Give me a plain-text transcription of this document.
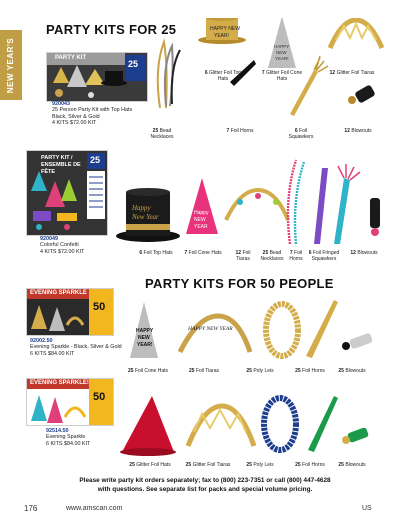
NEW YEAR'S
PARTY KITS FOR 25
PARTY KITS FOR 50 PEOPLE
PARTY KIT
25
920043
25 Person Party Kit with Top Hats
Black, Silver & Gold
4 KITS $72.00 KIT
HAPPY NEW
YEAR!
HAPPY
NEW
YEAR!
25 Bead Necklaces
6 Glitter Foil Top Hats
7 Foil Horns
7 Glitter Foil Cone Hats
6 Foil Squawkers
12 Glitter Foil Tiaras
12 Blowouts
PARTY KIT / ENSEMBLE DE FÊTE
25
920049
Colorful Confetti
4 KITS $72.00 KIT
Happy
New Year	Happy
NEW
YEAR
6 Foil Top Hats	7 Foil Cone Hats	12 Foil Tiaras
25 Bead Necklaces
7 Foil Horns
6 Foil Fringed Squawkers
12 Blowouts
EVENING SPARKLE
50
92002.50
Evening Sparkle - Black, Silver & Gold
6 KITS $84.00 KIT
HAPPY
NEW
YEAR!
HAPPY NEW YEAR
25 Foil Cone Hats	25 Foil Tiaras	25 Poly Leis	25 Foil Horns	25 Blowouts
EVENING SPARKLE!
50
92514.50
Evening Sparkle
6 KITS $84.00 KIT
25 Glitter Foil Hats	25 Glitter Foil Tiaras	25 Poly Leis	25 Foil Horns	25 Blowouts
Please write party kit orders separately; fax to (800) 223-7351 or call (800) 447-4628
with questions. See separate list for packs and special volume pricing.
176	www.amscan.com	US
